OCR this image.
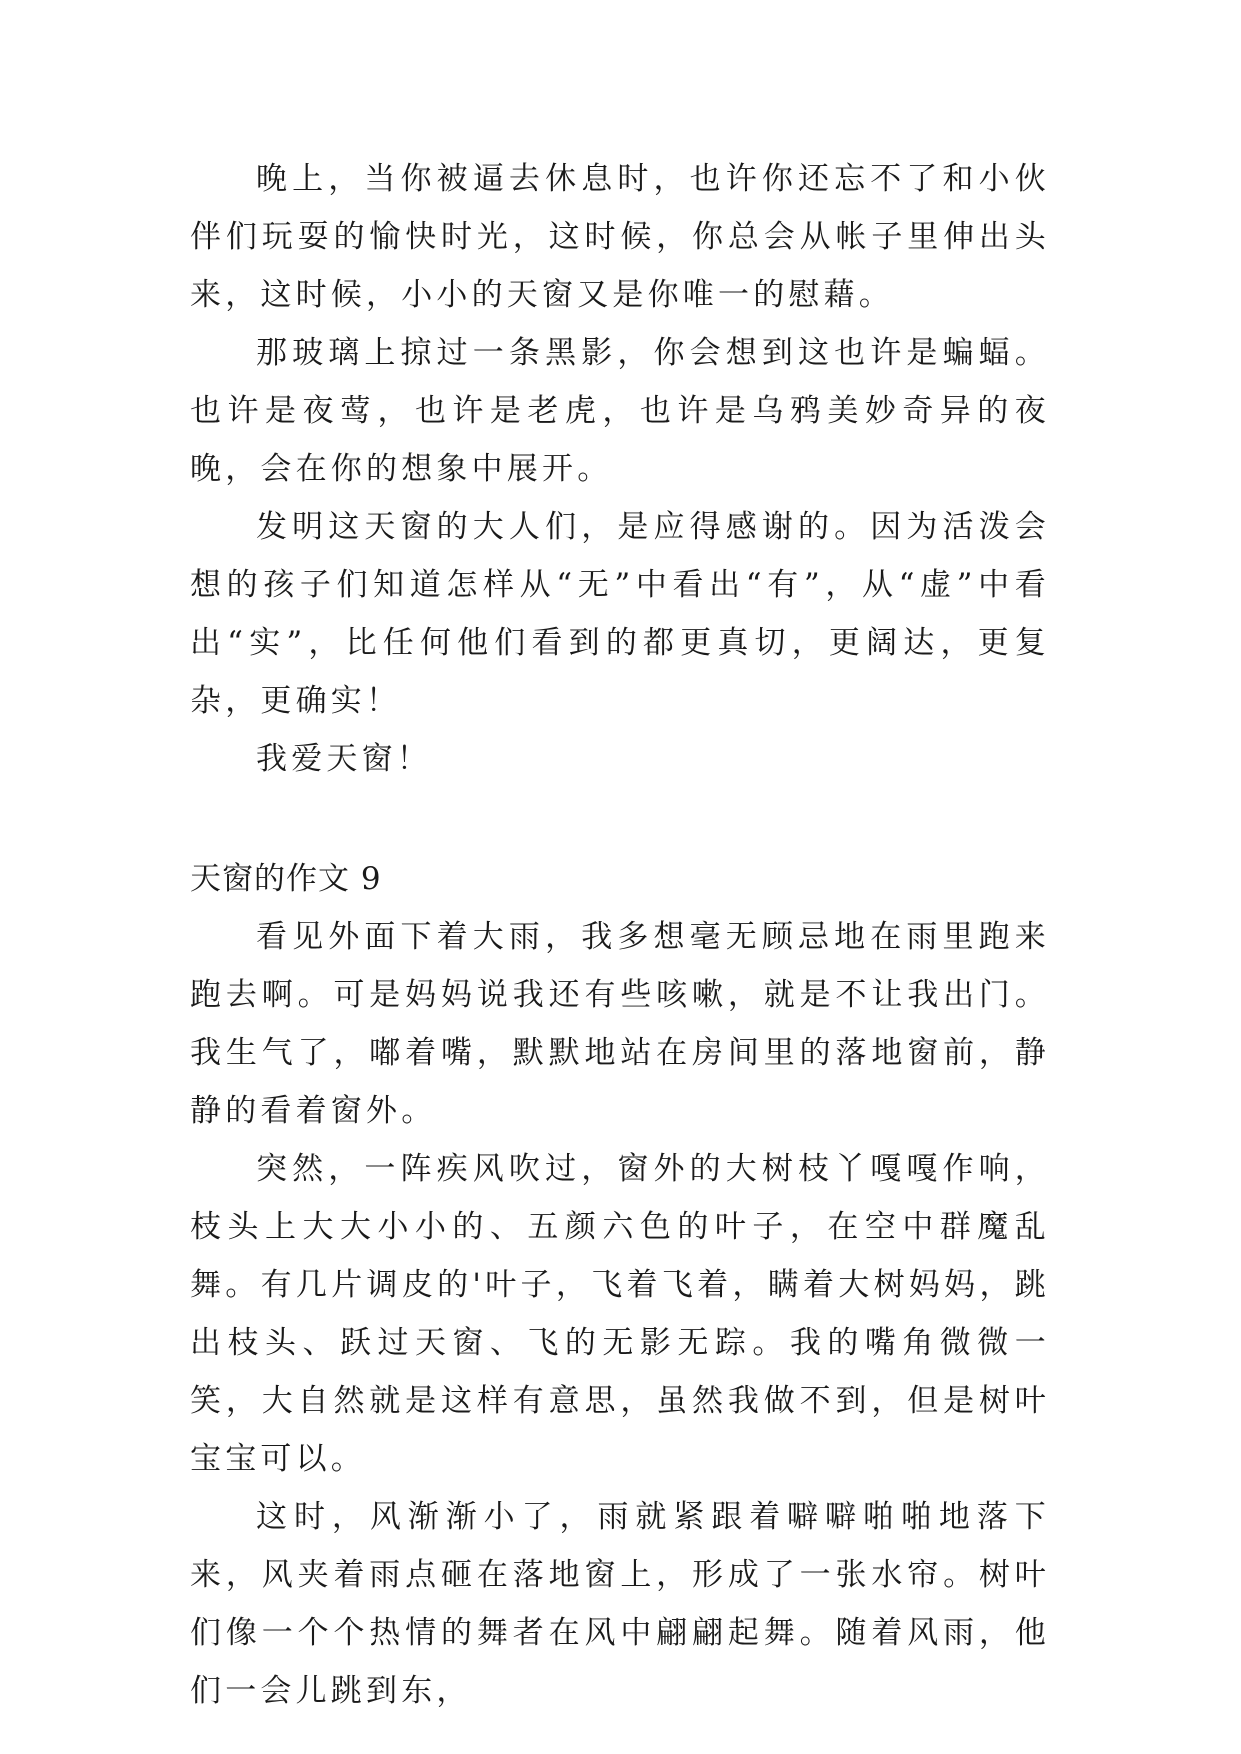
晚上，当你被逼去休息时，也许你还忘不了和小伙伴们玩耍的愉快时光，这时候，你总会从帐子里伸出头来，这时候，小小的天窗又是你唯一的慰藉。

那玻璃上掠过一条黑影，你会想到这也许是蝙蝠。也许是夜莺，也许是老虎，也许是乌鸦美妙奇异的夜晚，会在你的想象中展开。

发明这天窗的大人们，是应得感谢的。因为活泼会想的孩子们知道怎样从“无”中看出“有”，从“虚”中看出“实”，比任何他们看到的都更真切，更阔达，更复杂，更确实！

我爱天窗！

天窗的作文 9

看见外面下着大雨，我多想毫无顾忌地在雨里跑来跑去啊。可是妈妈说我还有些咳嗽，就是不让我出门。我生气了，嘟着嘴，默默地站在房间里的落地窗前，静静的看着窗外。

突然，一阵疾风吹过，窗外的大树枝丫嘎嘎作响，枝头上大大小小的、五颜六色的叶子，在空中群魔乱舞。有几片调皮的'叶子，飞着飞着，瞒着大树妈妈，跳出枝头、跃过天窗、飞的无影无踪。我的嘴角微微一笑，大自然就是这样有意思，虽然我做不到，但是树叶宝宝可以。

这时，风渐渐小了，雨就紧跟着噼噼啪啪地落下来，风夹着雨点砸在落地窗上，形成了一张水帘。树叶们像一个个热情的舞者在风中翩翩起舞。随着风雨，他们一会儿跳到东，
